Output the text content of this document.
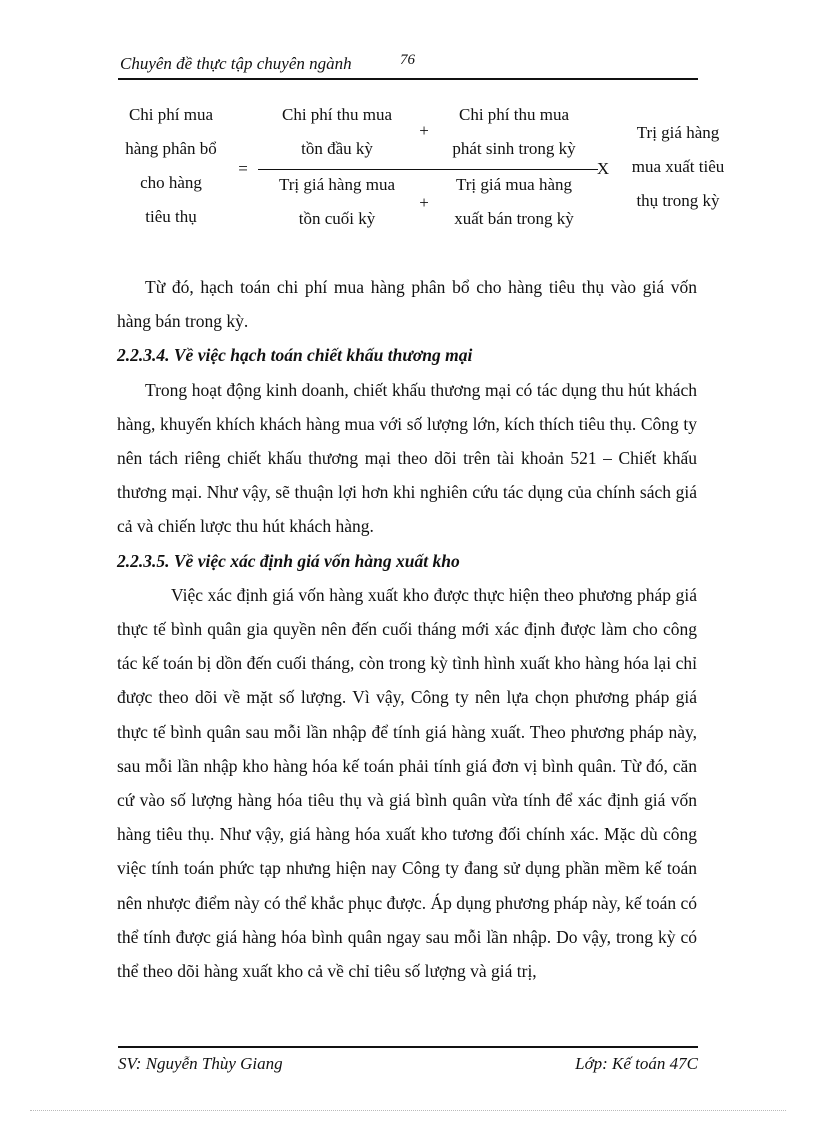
Chuyên đề thực tập chuyên ngành	76
Chi phí mua
hàng phân bổ
cho hàng
tiêu thụ
=
Chi phí thu mua
tồn đầu kỳ
+
Chi phí thu mua
phát sinh trong kỳ
Trị giá hàng mua
tồn cuối kỳ
+
Trị giá mua hàng
xuất bán trong kỳ
X
Trị giá hàng
mua xuất tiêu
thụ trong kỳ

Từ đó, hạch toán chi phí mua hàng phân bổ cho hàng tiêu thụ vào giá vốn hàng bán trong kỳ.

2.2.3.4. Về việc hạch toán chiết khấu thương mại

Trong hoạt động kinh doanh, chiết khấu thương mại có tác dụng thu hút khách hàng, khuyến khích khách hàng mua với số lượng lớn, kích thích tiêu thụ. Công ty nên tách riêng chiết khấu thương mại theo dõi trên tài khoản 521 – Chiết khấu thương mại. Như vậy, sẽ thuận lợi hơn khi nghiên cứu tác dụng của chính sách giá cả và chiến lược thu hút khách hàng.

2.2.3.5. Về việc xác định giá vốn hàng xuất kho

Việc xác định giá vốn hàng xuất kho được thực hiện theo phương pháp giá thực tế bình quân gia quyền nên đến cuối tháng mới xác định được làm cho công tác kế toán bị dồn đến cuối tháng, còn trong kỳ tình hình xuất kho hàng hóa lại chỉ được theo dõi về mặt số lượng. Vì vậy, Công ty nên lựa chọn phương pháp giá thực tế bình quân sau mỗi lần nhập để tính giá hàng xuất. Theo phương pháp này, sau mỗi lần nhập kho hàng hóa kế toán phải tính giá đơn vị bình quân. Từ đó, căn cứ vào số lượng hàng hóa tiêu thụ và giá bình quân vừa tính để xác định giá vốn hàng tiêu thụ. Như vậy, giá hàng hóa xuất kho tương đối chính xác. Mặc dù công việc tính toán phức tạp nhưng hiện nay Công ty đang sử dụng phần mềm kế toán nên nhược điểm này có thể khắc phục được. Áp dụng phương pháp này, kế toán có thể tính được giá hàng hóa bình quân ngay sau mỗi lần nhập. Do vậy, trong kỳ có thể theo dõi hàng xuất kho cả về chỉ tiêu số lượng và giá trị,

SV: Nguyễn Thùy Giang	Lớp: Kế toán 47C
